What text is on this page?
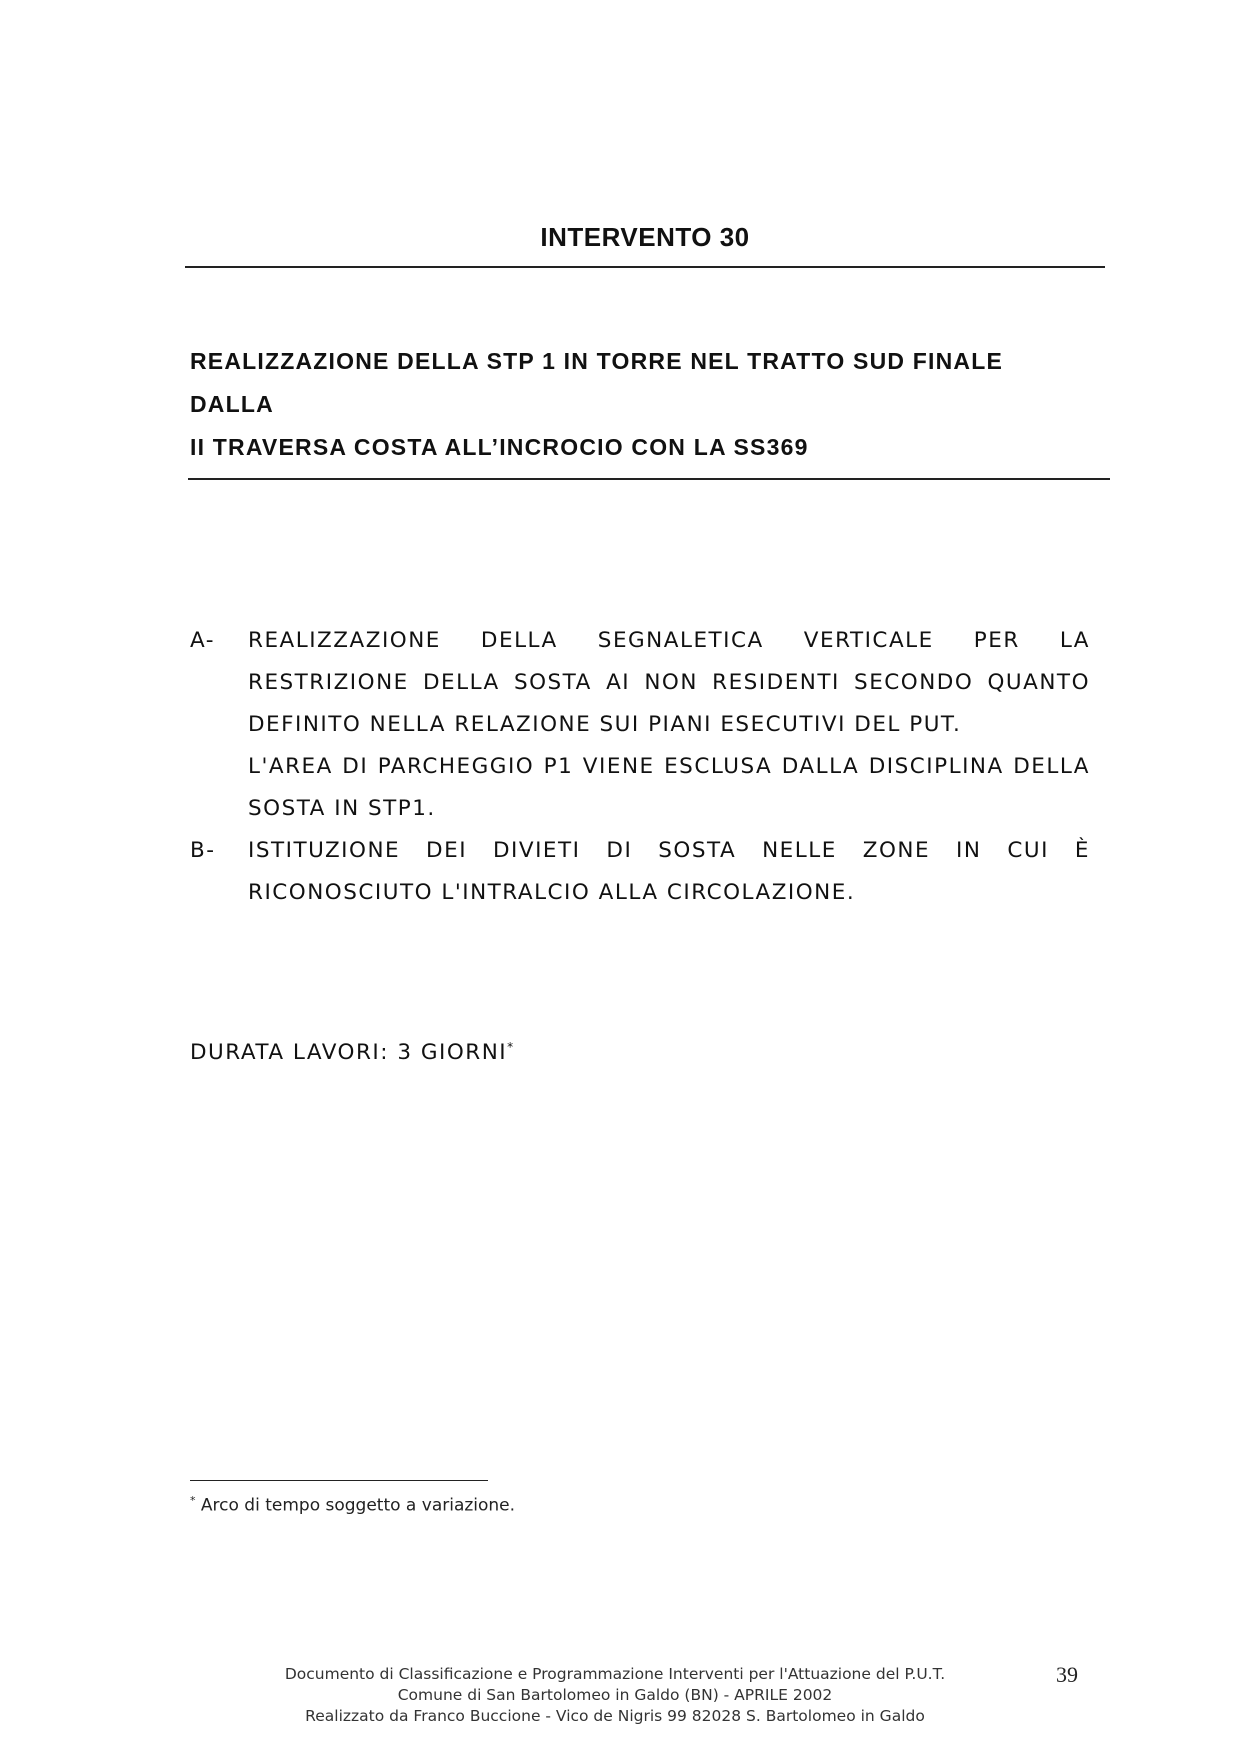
INTERVENTO 30
REALIZZAZIONE DELLA STP 1 IN TORRE NEL TRATTO SUD FINALE DALLA
II TRAVERSA COSTA ALL’INCROCIO CON LA SS369
A-	REALIZZAZIONE DELLA SEGNALETICA VERTICALE PER LA RESTRIZIONE DELLA SOSTA AI NON RESIDENTI SECONDO QUANTO DEFINITO NELLA RELAZIONE SUI PIANI ESECUTIVI DEL PUT.

L'AREA DI PARCHEGGIO P1 VIENE ESCLUSA DALLA DISCIPLINA DELLA SOSTA IN STP1.

B-	ISTITUZIONE DEI DIVIETI DI SOSTA NELLE ZONE IN CUI È RICONOSCIUTO L'INTRALCIO ALLA CIRCOLAZIONE.

DURATA LAVORI: 3 GIORNI*
* Arco di tempo soggetto a variazione.
Documento di Classificazione e Programmazione Interventi per l'Attuazione del P.U.T.
Comune di San Bartolomeo in Galdo (BN) - APRILE 2002
Realizzato da Franco Buccione - Vico de Nigris 99 82028 S. Bartolomeo in Galdo
39
